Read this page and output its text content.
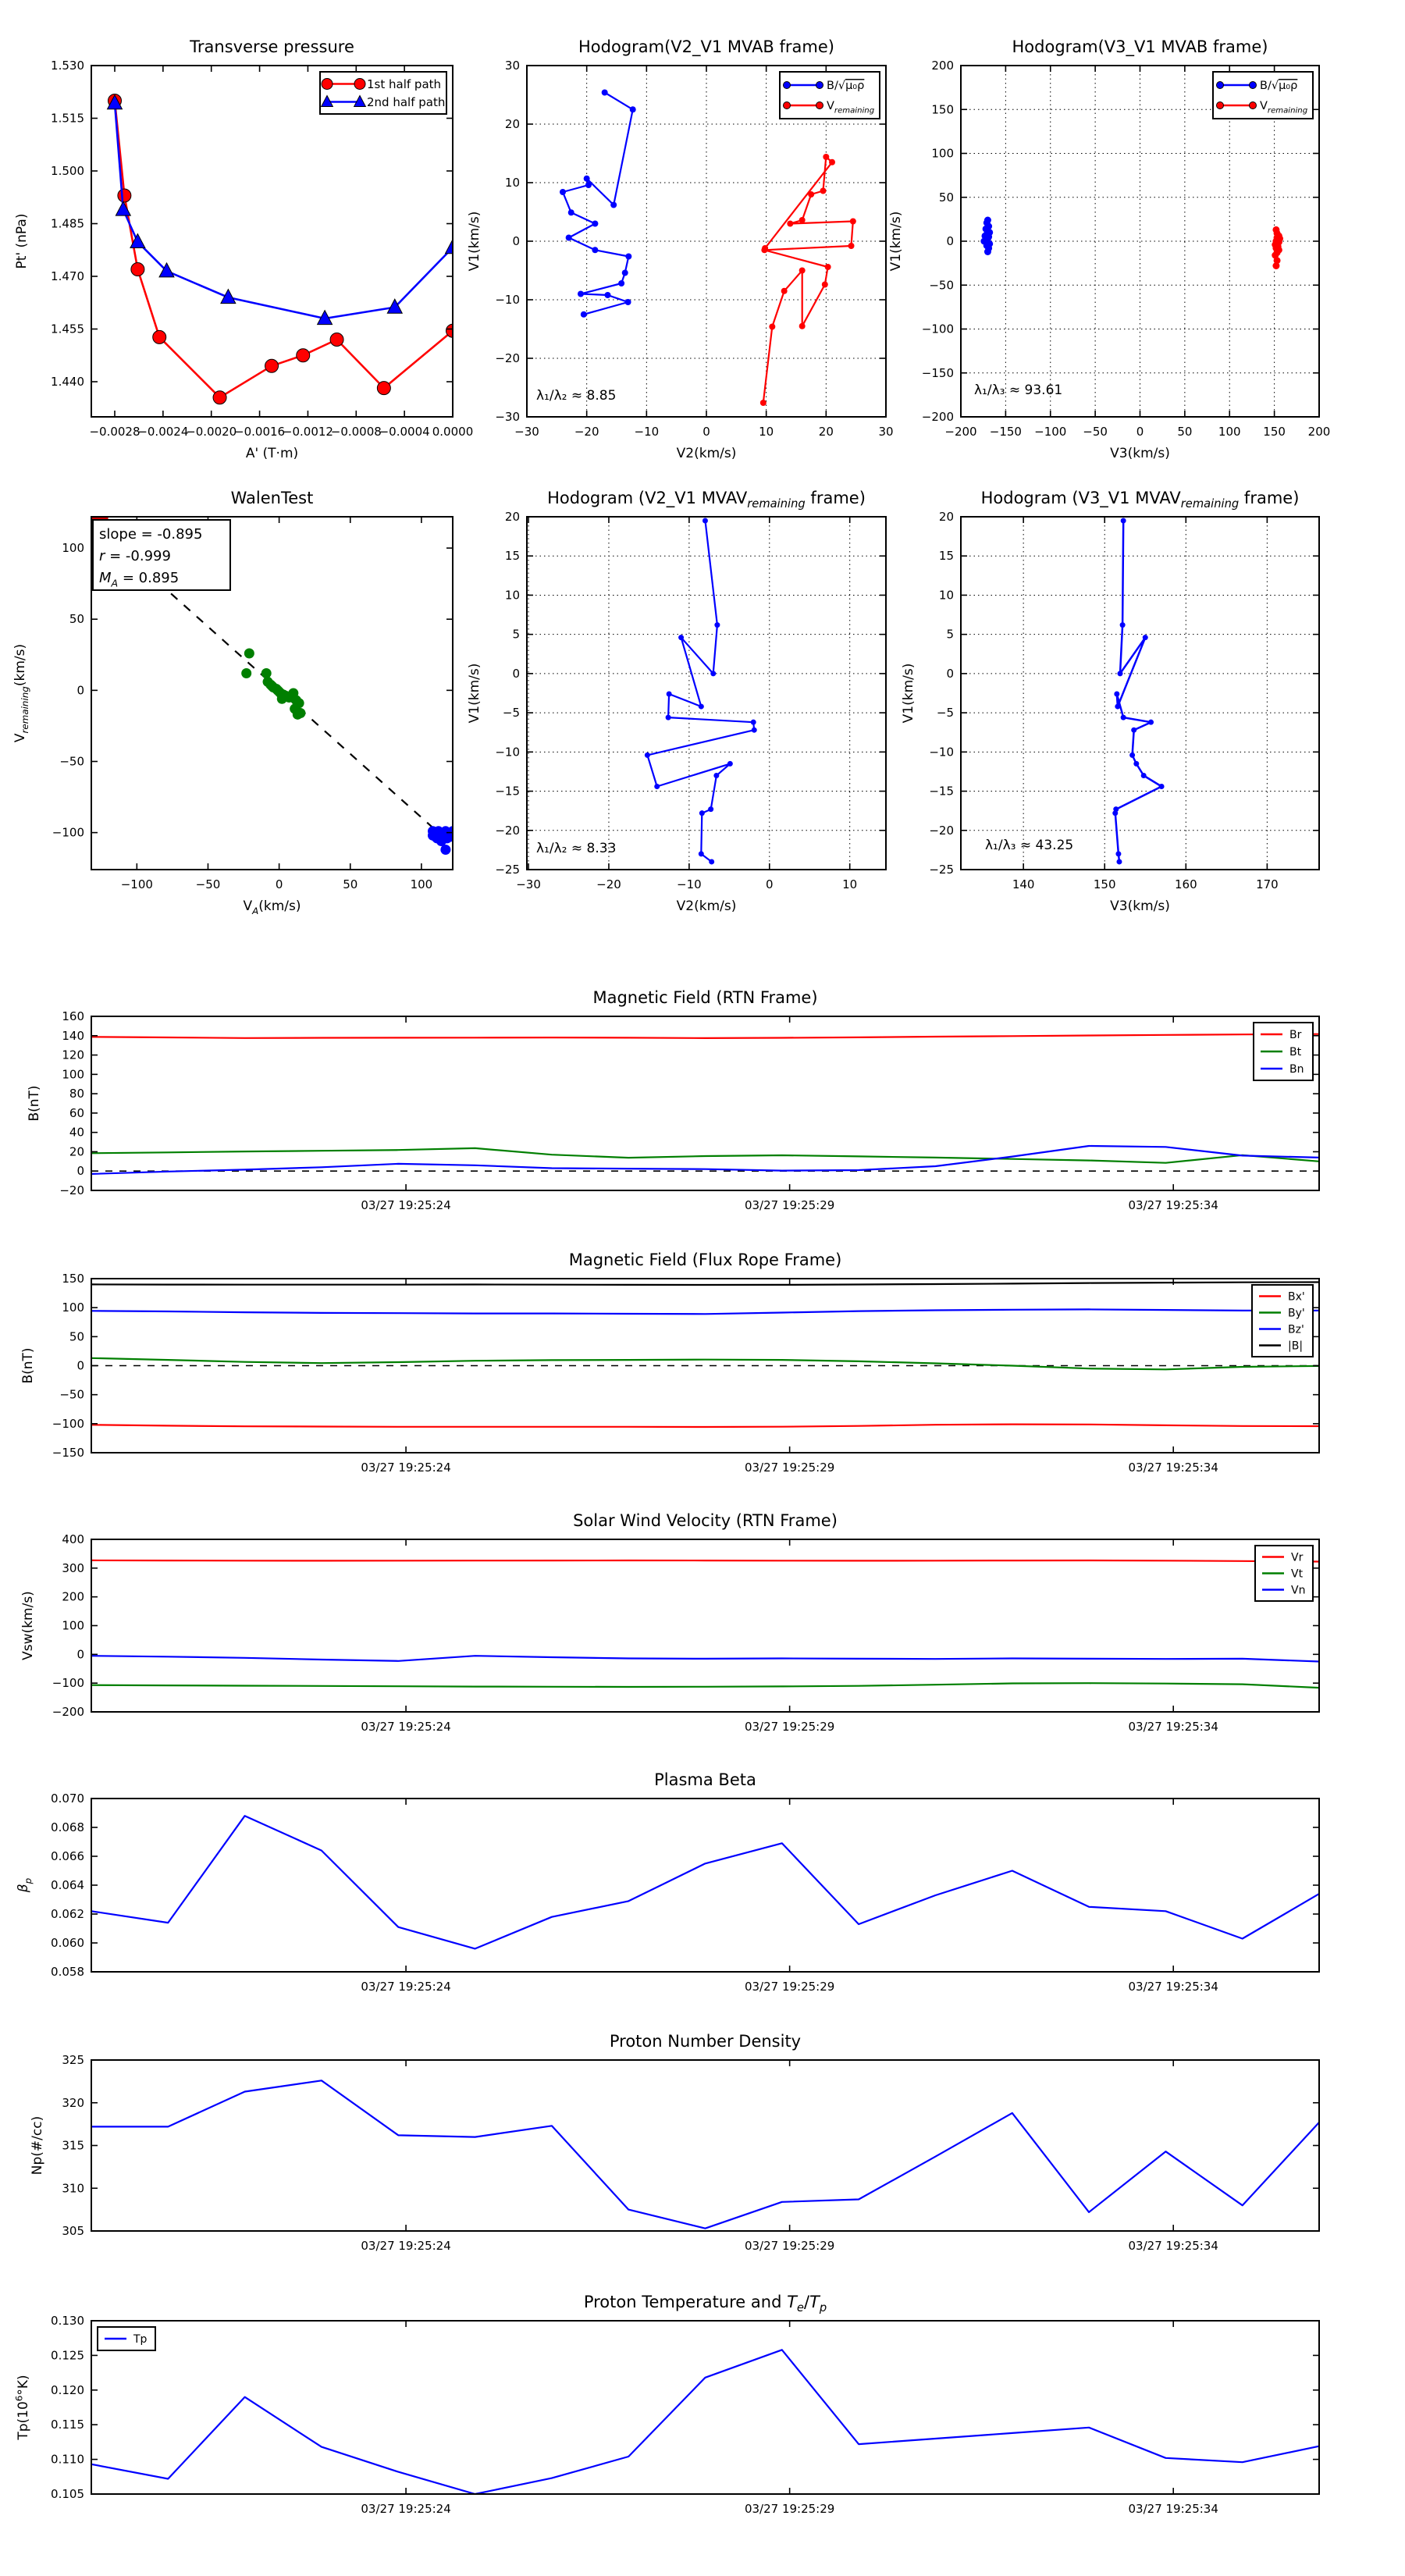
Transverse pressure
−0.0028
−0.0024
−0.0020
−0.0016
−0.0012
−0.0008
−0.0004 0.0000
1.440
1.455
1.470
1.485
1.500
1.515
1.530
A' (T·m)
Pt' (nPa)
1st half path
2nd half path
Hodogram(V2_V1 MVAB frame)
−30	−20	−10	0	10	20	30
−30
−20
−10
0
10
20
30
V2(km/s)
V1(km/s)
λ₁/λ₂ ≈ 8.85
B/√μ₀ρ
$V_{remaining}$
Hodogram(V3_V1 MVAB frame)
−200 −150 −100 −50 0	50 100 150 200
−200
−150
−100
−50
0
50
100
150
200
V3(km/s)
V1(km/s)
λ₁/λ₃ ≈ 93.61
B/√μ₀ρ
$V_{remaining}$
WalenTest
−100	−50	0	50	100
−100
−50
0
50
100
$V_A(km/s)$
$V_{remaining}(km/s)$
slope = -0.895
r = -0.999
$M_A = 0.895$
Hodogram (V2_V1 $MVAV_{remaining}$ frame)
−30	−20	−10	0	10
−25
−20
−15
−10
−5
0
5
10
15
20
V2(km/s)
V1(km/s)
λ₁/λ₂ ≈ 8.33
Hodogram (V3_V1 $MVAV_{remaining}$ frame)
140	150	160	170
−25
−20
−15
−10
−5
0
5
10
15
20
V3(km/s)
V1(km/s)
λ₁/λ₃ ≈ 43.25
Magnetic Field (RTN Frame)
03/27 19:25:24	03/27 19:25:29	03/27 19:25:34
−20
0
20
40
60
80
100
120
140
160
B(nT)
Br
Bt
Bn
Magnetic Field (Flux Rope Frame)
03/27 19:25:24	03/27 19:25:29	03/27 19:25:34
−150
−100
−50
0
50
100
150
B(nT)
Bx'
By'
Bz'
|B|
Solar Wind Velocity (RTN Frame)
03/27 19:25:24	03/27 19:25:29	03/27 19:25:34
−200
−100
0
100
200
300
400
Vsw(km/s)
Vr
Vt
Vn
Plasma Beta
03/27 19:25:24	03/27 19:25:29	03/27 19:25:34
0.058
0.060
0.062
0.064
0.066
0.068
0.070
$\beta_p$
Proton Number Density
03/27 19:25:24	03/27 19:25:29	03/27 19:25:34
305
310
315
320
325
Np(#/cc)
Proton Temperature and $T_e/T_p$
03/27 19:25:24	03/27 19:25:29	03/27 19:25:34
0.105
0.110
0.115
0.120
0.125
0.130
$Tp(10^6^\circ K)$
Tp
